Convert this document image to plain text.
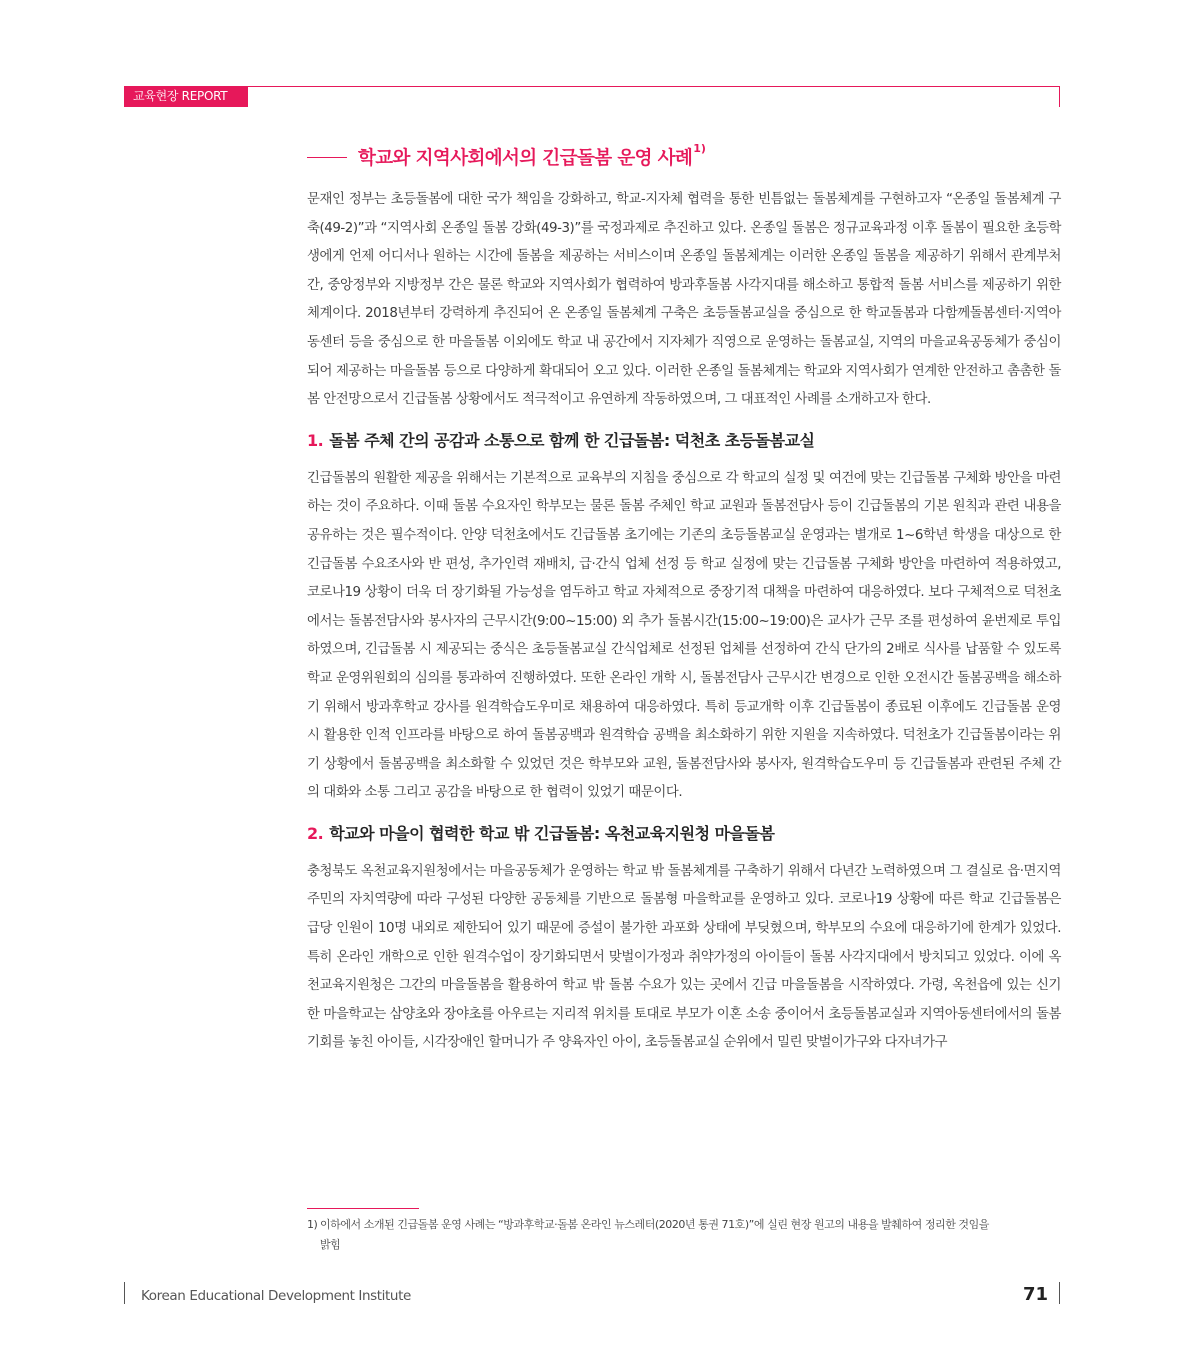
교육현장 REPORT
학교와 지역사회에서의 긴급돌봄 운영 사례 1)

문재인 정부는 초등돌봄에 대한 국가 책임을 강화하고, 학교-지자체 협력을 통한 빈틈없는 돌봄체계를 구현하고자 “온종일 돌봄체계 구축(49-2)”과 “지역사회 온종일 돌봄 강화(49-3)”를 국정과제로 추진하고 있다. 온종일 돌봄은 정규교육과정 이후 돌봄이 필요한 초등학생에게 언제 어디서나 원하는 시간에 돌봄을 제공하는 서비스이며 온종일 돌봄체계는 이러한 온종일 돌봄을 제공하기 위해서 관계부처 간, 중앙정부와 지방정부 간은 물론 학교와 지역사회가 협력하여 방과후돌봄 사각지대를 해소하고 통합적 돌봄 서비스를 제공하기 위한 체계이다. 2018년부터 강력하게 추진되어 온 온종일 돌봄체계 구축은 초등돌봄교실을 중심으로 한 학교돌봄과 다함께돌봄센터·지역아동센터 등을 중심으로 한 마을돌봄 이외에도 학교 내 공간에서 지자체가 직영으로 운영하는 돌봄교실, 지역의 마을교육공동체가 중심이 되어 제공하는 마을돌봄 등으로 다양하게 확대되어 오고 있다. 이러한 온종일 돌봄체계는 학교와 지역사회가 연계한 안전하고 촘촘한 돌봄 안전망으로서 긴급돌봄 상황에서도 적극적이고 유연하게 작동하였으며, 그 대표적인 사례를 소개하고자 한다.

1. 돌봄 주체 간의 공감과 소통으로 함께 한 긴급돌봄: 덕천초 초등돌봄교실

긴급돌봄의 원활한 제공을 위해서는 기본적으로 교육부의 지침을 중심으로 각 학교의 실정 및 여건에 맞는 긴급돌봄 구체화 방안을 마련하는 것이 주요하다. 이때 돌봄 수요자인 학부모는 물론 돌봄 주체인 학교 교원과 돌봄전담사 등이 긴급돌봄의 기본 원칙과 관련 내용을 공유하는 것은 필수적이다. 안양 덕천초에서도 긴급돌봄 초기에는 기존의 초등돌봄교실 운영과는 별개로 1~6학년 학생을 대상으로 한 긴급돌봄 수요조사와 반 편성, 추가인력 재배치, 급·간식 업체 선정 등 학교 실정에 맞는 긴급돌봄 구체화 방안을 마련하여 적용하였고, 코로나19 상황이 더욱 더 장기화될 가능성을 염두하고 학교 자체적으로 중장기적 대책을 마련하여 대응하였다. 보다 구체적으로 덕천초에서는 돌봄전담사와 봉사자의 근무시간(9:00~15:00) 외 추가 돌봄시간(15:00~19:00)은 교사가 근무 조를 편성하여 윤번제로 투입하였으며, 긴급돌봄 시 제공되는 중식은 초등돌봄교실 간식업체로 선정된 업체를 선정하여 간식 단가의 2배로 식사를 납품할 수 있도록 학교 운영위원회의 심의를 통과하여 진행하였다. 또한 온라인 개학 시, 돌봄전담사 근무시간 변경으로 인한 오전시간 돌봄공백을 해소하기 위해서 방과후학교 강사를 원격학습도우미로 채용하여 대응하였다. 특히 등교개학 이후 긴급돌봄이 종료된 이후에도 긴급돌봄 운영 시 활용한 인적 인프라를 바탕으로 하여 돌봄공백과 원격학습 공백을 최소화하기 위한 지원을 지속하였다. 덕천초가 긴급돌봄이라는 위기 상황에서 돌봄공백을 최소화할 수 있었던 것은 학부모와 교원, 돌봄전담사와 봉사자, 원격학습도우미 등 긴급돌봄과 관련된 주체 간의 대화와 소통 그리고 공감을 바탕으로 한 협력이 있었기 때문이다.

2. 학교와 마을이 협력한 학교 밖 긴급돌봄: 옥천교육지원청 마을돌봄

충청북도 옥천교육지원청에서는 마을공동체가 운영하는 학교 밖 돌봄체계를 구축하기 위해서 다년간 노력하였으며 그 결실로 읍·면지역 주민의 자치역량에 따라 구성된 다양한 공동체를 기반으로 돌봄형 마을학교를 운영하고 있다. 코로나19 상황에 따른 학교 긴급돌봄은 급당 인원이 10명 내외로 제한되어 있기 때문에 증설이 불가한 과포화 상태에 부딪혔으며, 학부모의 수요에 대응하기에 한계가 있었다. 특히 온라인 개학으로 인한 원격수업이 장기화되면서 맞벌이가정과 취약가정의 아이들이 돌봄 사각지대에서 방치되고 있었다. 이에 옥천교육지원청은 그간의 마을돌봄을 활용하여 학교 밖 돌봄 수요가 있는 곳에서 긴급 마을돌봄을 시작하였다. 가령, 옥천읍에 있는 신기한 마을학교는 삼양초와 장야초를 아우르는 지리적 위치를 토대로 부모가 이혼 소송 중이어서 초등돌봄교실과 지역아동센터에서의 돌봄 기회를 놓친 아이들, 시각장애인 할머니가 주 양육자인 아이, 초등돌봄교실 순위에서 밀린 맞벌이가구와 다자녀가구

1) 이하에서 소개된 긴급돌봄 운영 사례는 “방과후학교·돌봄 온라인 뉴스레터(2020년 통권 71호)”에 실린 현장 원고의 내용을 발췌하여 정리한 것임을
밝힘
Korean Educational Development Institute	71
